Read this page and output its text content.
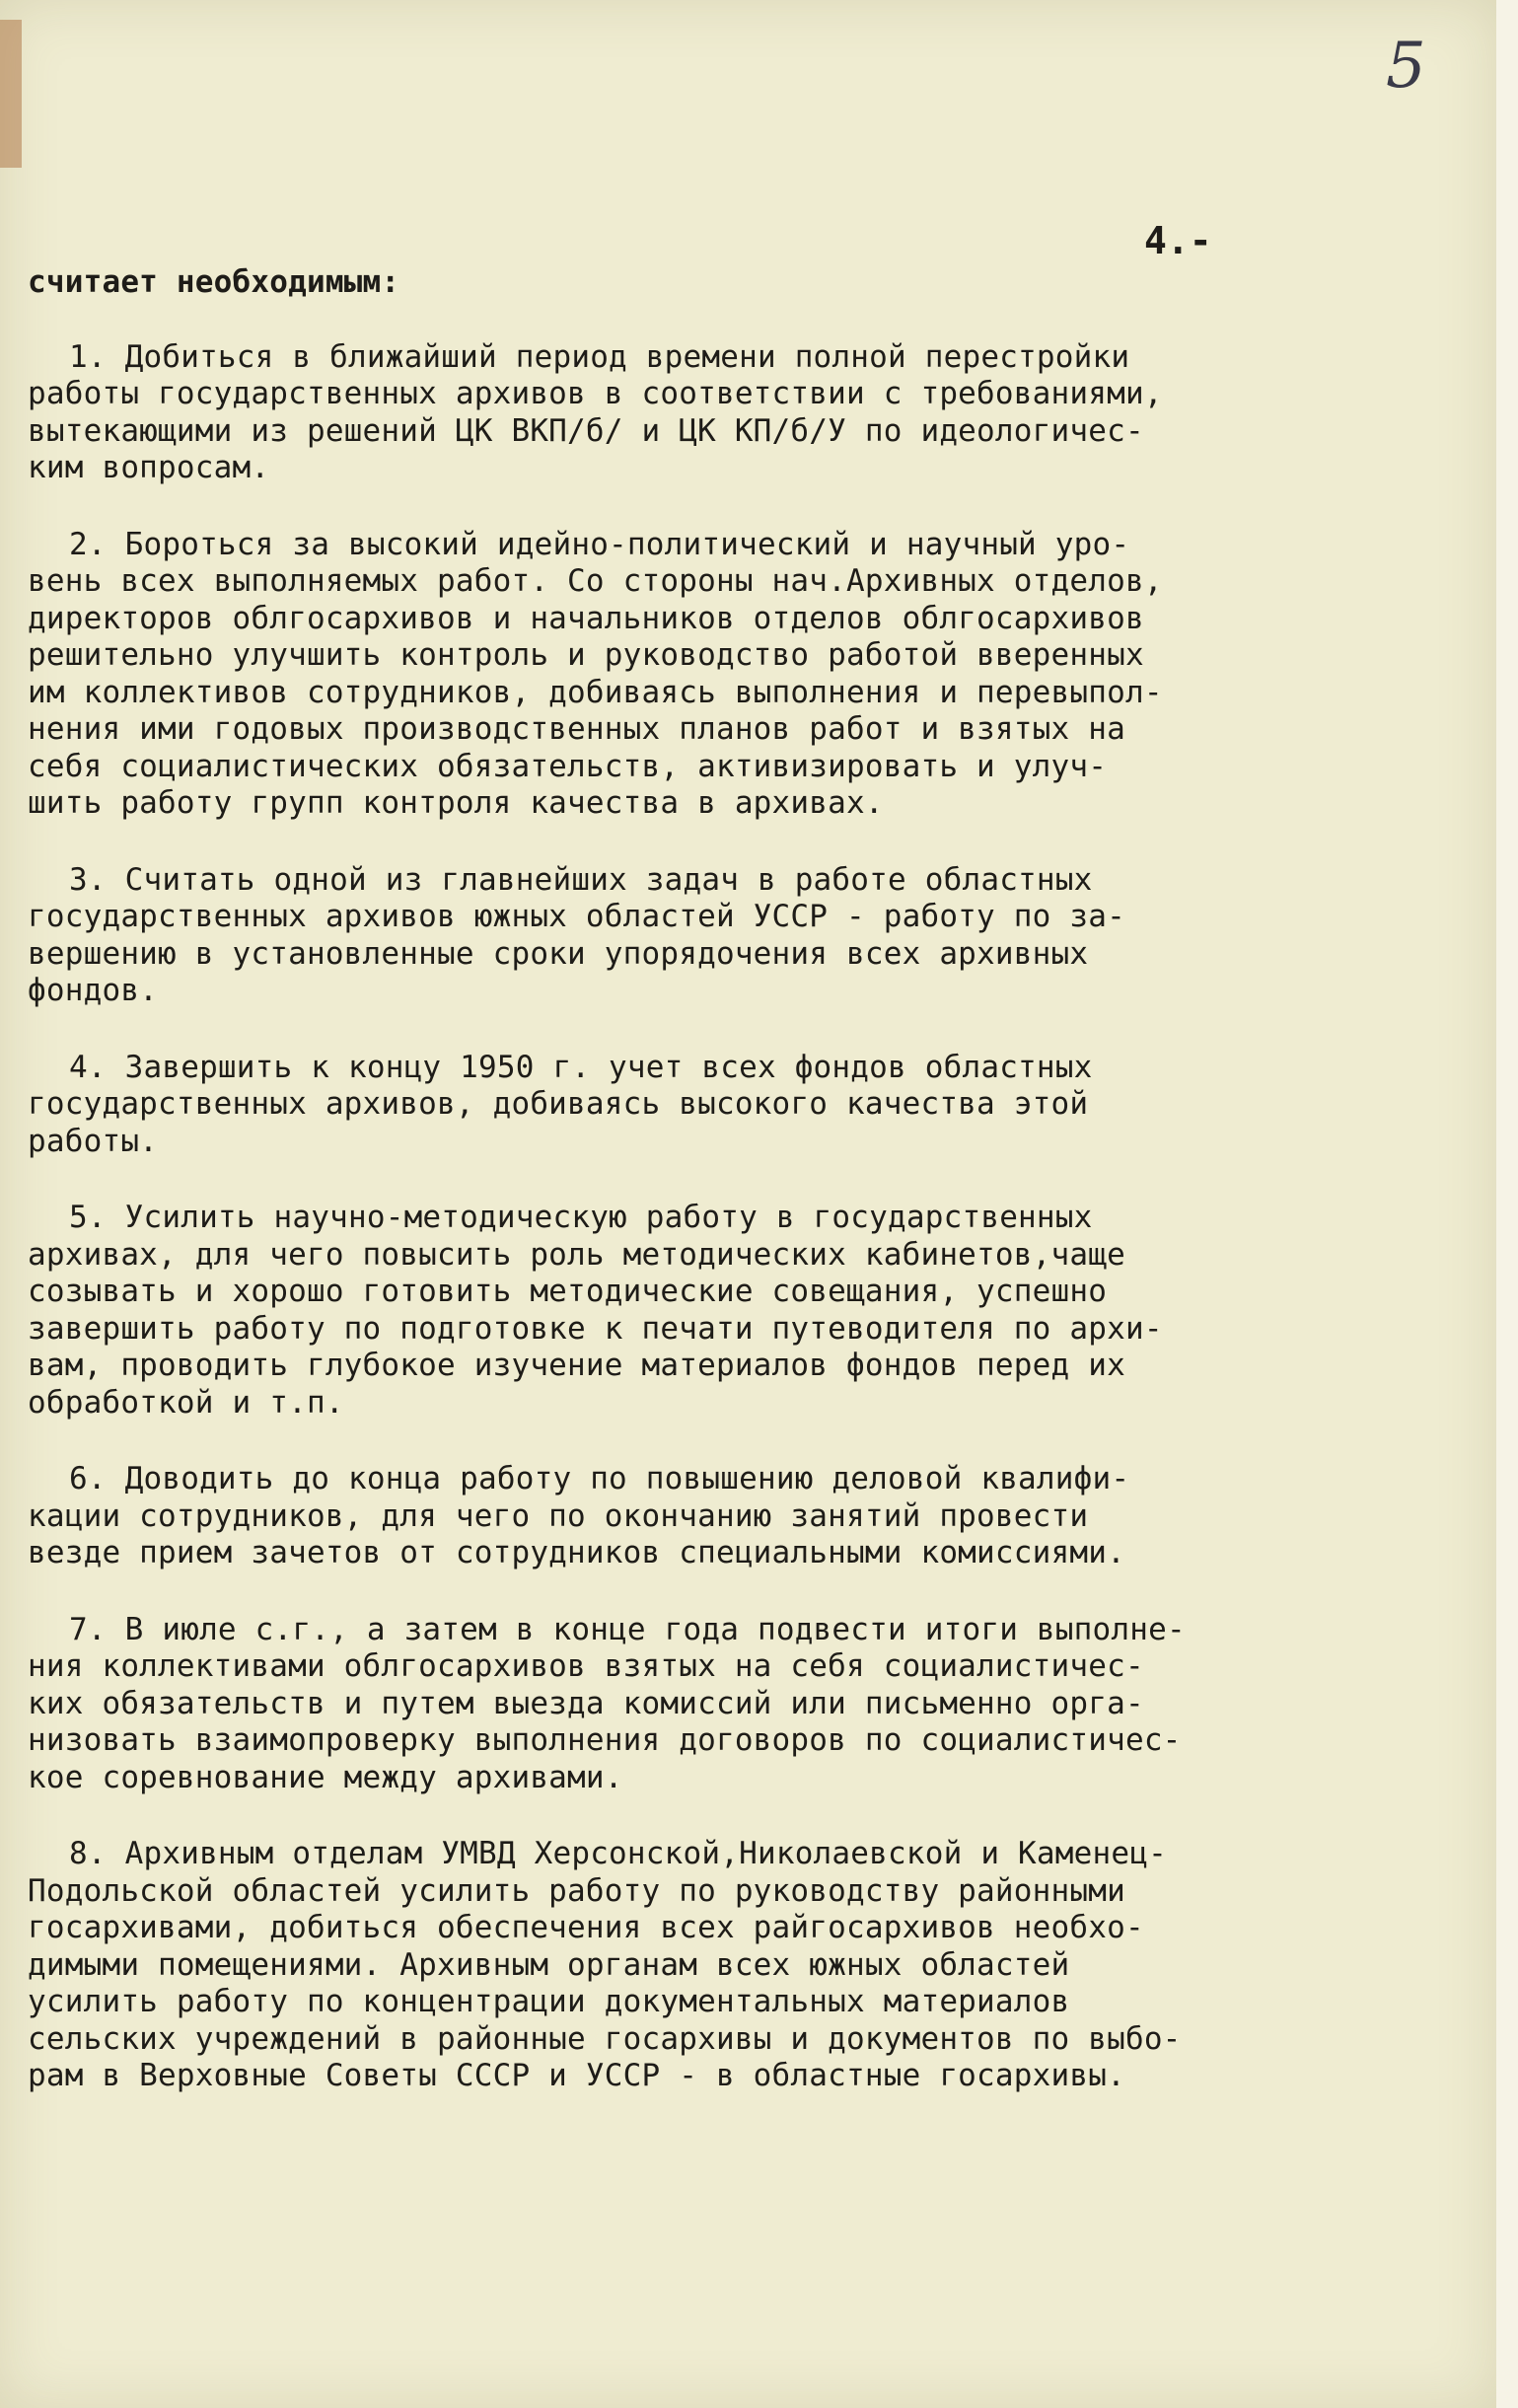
5
4.-

считает необходимым:

1. Добиться в ближайший период времени полной перестройки

работы государственных архивов в соответствии с требованиями,

вытекающими из решений ЦК ВКП/б/ и ЦК КП/б/У по идеологичес-

ким вопросам.

2. Бороться за высокий идейно-политический и научный уро-

вень всех выполняемых работ. Со стороны нач.Архивных отделов,

директоров облгосархивов и начальников отделов облгосархивов

решительно улучшить контроль и руководство работой вверенных

им коллективов сотрудников, добиваясь выполнения и перевыпол-

нения ими годовых производственных планов работ и взятых на

себя социалистических обязательств, активизировать и улуч-

шить работу групп контроля качества в архивах.

3. Считать одной из главнейших задач в работе областных

государственных архивов южных областей УССР - работу по за-

вершению в установленные сроки упорядочения всех архивных

фондов.

4. Завершить к концу 1950 г. учет всех фондов областных

государственных архивов, добиваясь высокого качества этой

работы.

5. Усилить научно-методическую работу в государственных

архивах, для чего повысить роль методических кабинетов,чаще

созывать и хорошо готовить методические совещания, успешно

завершить работу по подготовке к печати путеводителя по архи-

вам, проводить глубокое изучение материалов фондов перед их

обработкой и т.п.

6. Доводить до конца работу по повышению деловой квалифи-

кации сотрудников, для чего по окончанию занятий провести

везде прием зачетов от сотрудников специальными комиссиями.

7. В июле с.г., а затем в конце года подвести итоги выполне-

ния коллективами облгосархивов взятых на себя социалистичес-

ких обязательств и путем выезда комиссий или письменно орга-

низовать взаимопроверку выполнения договоров по социалистичес-

кое соревнование между архивами.

8. Архивным отделам УМВД Херсонской,Николаевской и Каменец-

Подольской областей усилить работу по руководству районными

госархивами, добиться обеспечения всех райгосархивов необхо-

димыми помещениями. Архивным органам всех южных областей

усилить работу по концентрации документальных материалов

сельских учреждений в районные госархивы и документов по выбо-

рам в Верховные Советы СССР и УССР - в областные госархивы.
